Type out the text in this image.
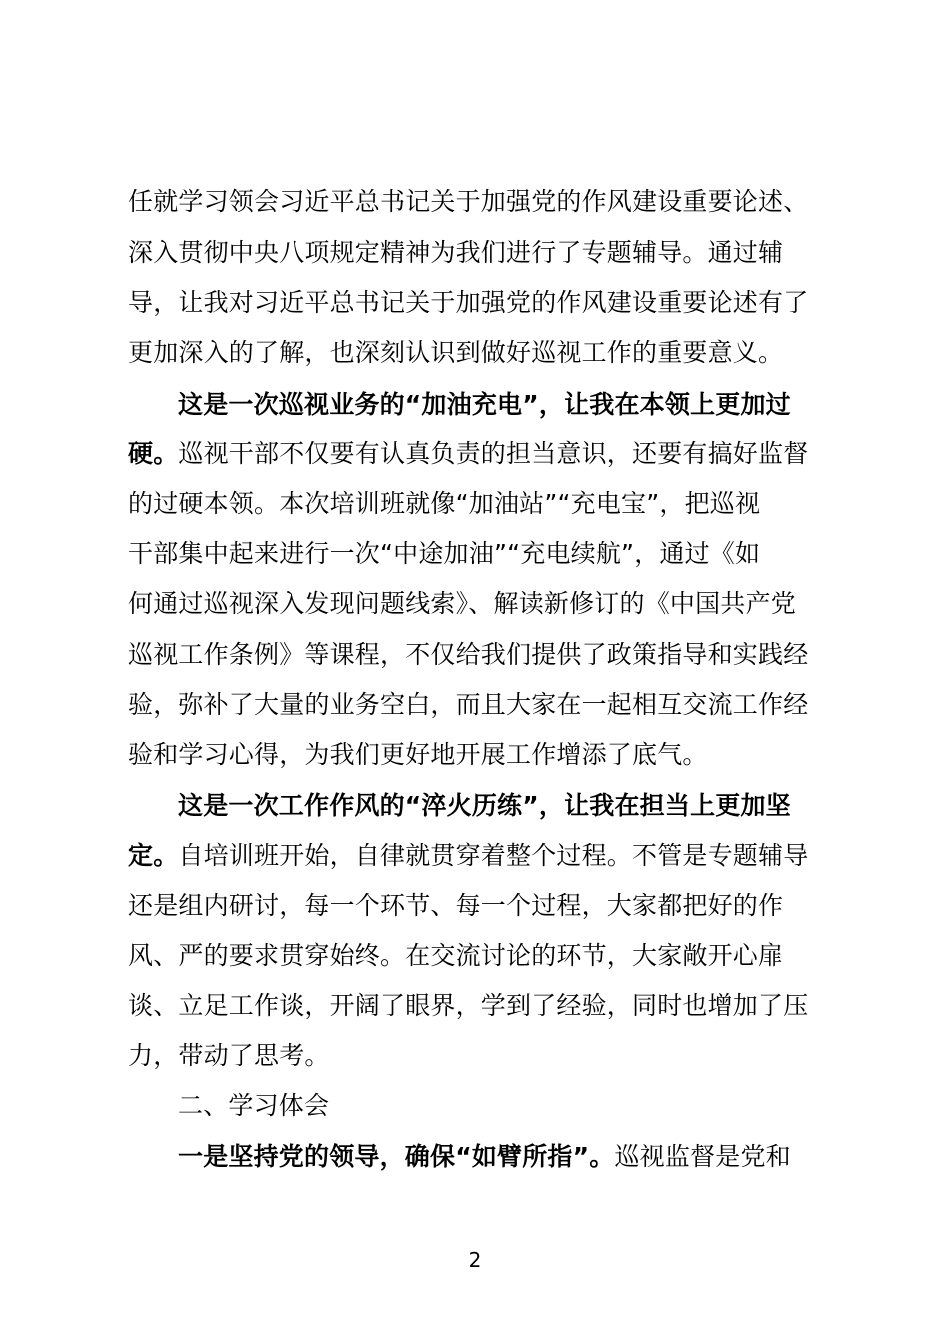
任就学习领会习近平总书记关于加强党的作风建设重要论述、
深入贯彻中央八项规定精神为我们进行了专题辅导。通过辅
导，让我对习近平总书记关于加强党的作风建设重要论述有了
更加深入的了解，也深刻认识到做好巡视工作的重要意义。
这是一次巡视业务的“加油充电”，让我在本领上更加过
硬。巡视干部不仅要有认真负责的担当意识，还要有搞好监督
的过硬本领。本次培训班就像“加油站”“充电宝”，把巡视
干部集中起来进行一次“中途加油”“充电续航”，通过《如
何通过巡视深入发现问题线索》、解读新修订的《中国共产党
巡视工作条例》等课程，不仅给我们提供了政策指导和实践经
验，弥补了大量的业务空白，而且大家在一起相互交流工作经
验和学习心得，为我们更好地开展工作增添了底气。
这是一次工作作风的“淬火历练”，让我在担当上更加坚
定。自培训班开始，自律就贯穿着整个过程。不管是专题辅导
还是组内研讨，每一个环节、每一个过程，大家都把好的作
风、严的要求贯穿始终。在交流讨论的环节，大家敞开心扉
谈、立足工作谈，开阔了眼界，学到了经验，同时也增加了压
力，带动了思考。
二、学习体会
一是坚持党的领导，确保“如臂所指”。巡视监督是党和
2
